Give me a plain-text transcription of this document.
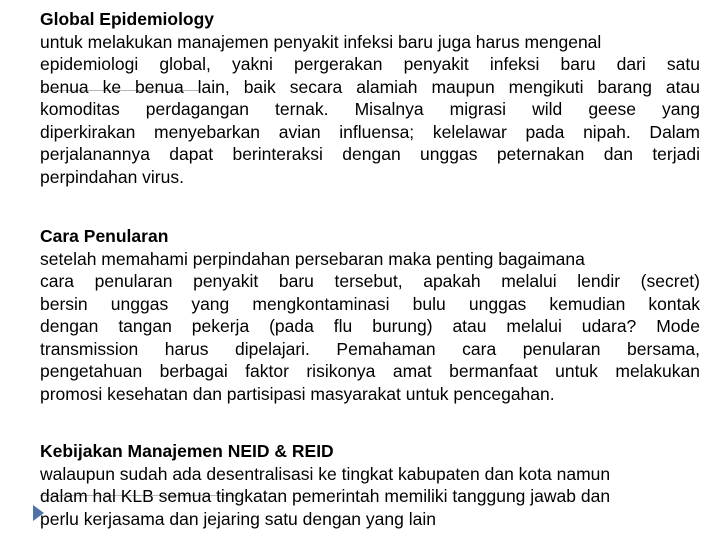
Global Epidemiology
untuk melakukan manajemen penyakit infeksi baru juga harus mengenal
epidemiologi global, yakni pergerakan penyakit infeksi baru dari satu
benua ke benua lain, baik secara alamiah maupun mengikuti barang atau
komoditas perdagangan ternak. Misalnya migrasi wild geese yang
diperkirakan menyebarkan avian influensa; kelelawar pada nipah. Dalam
perjalanannya dapat berinteraksi dengan unggas peternakan dan terjadi
perpindahan virus.
Cara Penularan
setelah memahami perpindahan persebaran maka penting bagaimana
cara penularan penyakit baru tersebut, apakah melalui lendir (secret)
bersin unggas yang mengkontaminasi bulu unggas kemudian kontak
dengan tangan pekerja (pada flu burung) atau melalui udara? Mode
transmission harus dipelajari. Pemahaman cara penularan bersama,
pengetahuan berbagai faktor risikonya amat bermanfaat untuk melakukan
promosi kesehatan dan partisipasi masyarakat untuk pencegahan.
Kebijakan Manajemen NEID & REID
walaupun sudah ada desentralisasi ke tingkat kabupaten dan kota namun
dalam hal KLB semua tingkatan pemerintah memiliki tanggung jawab dan
perlu kerjasama dan jejaring satu dengan yang lain
